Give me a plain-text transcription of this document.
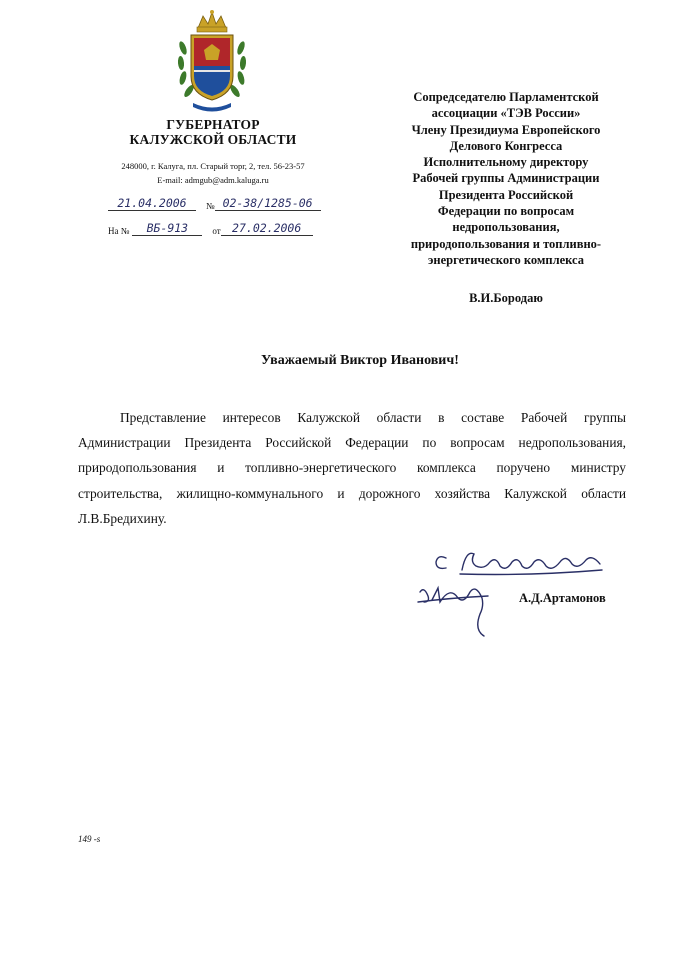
ГУБЕРНАТОР
КАЛУЖСКОЙ ОБЛАСТИ
248000, г. Калуга, пл. Старый торг, 2, тел. 56-23-57
E-mail: admgub@adm.kaluga.ru
21.04.2006	№ 02-38/1285-06
На №	ВБ-913	от 27.02.2006
Сопредседателю Парламентской
ассоциации «ТЭВ России»
Члену Президиума Европейского
Делового Конгресса
Исполнительному директору
Рабочей группы Администрации
Президента Российской
Федерации по вопросам
недропользования,
природопользования и топливно-
энергетического комплекса
В.И.Бородаю
Уважаемый Виктор Иванович!
Представление интересов Калужской области в составе Рабочей группы Администрации Президента Российской Федерации по вопросам недропользования, природопользования и топливно-энергетического комплекса поручено министру строительства, жилищно-коммунального и дорожного хозяйства Калужской области Л.В.Бредихину.
А.Д.Артамонов
149 -s
